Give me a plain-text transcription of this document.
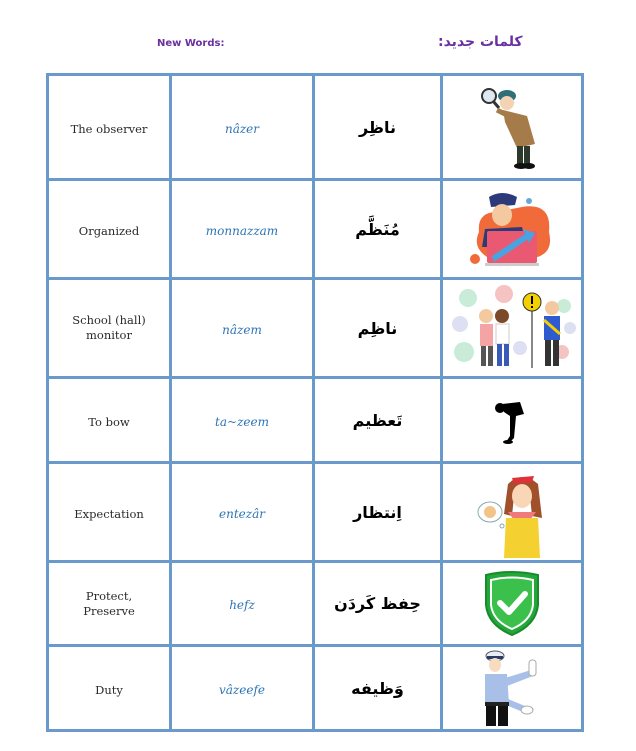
New Words:	کلمات جدید:
The observer	nâzer	ناظِر	

Organized	monnazzam	مُنَظَّم	

School (hall)
monitor	nâzem	ناظِم	

To bow	ta~zeem	تَعظیم	

Expectation	entezâr	اِنتظار	

Protect,
Preserve	hefz	حِفظ کَردَن	

Duty	vâzeefe	وَظیفه	
